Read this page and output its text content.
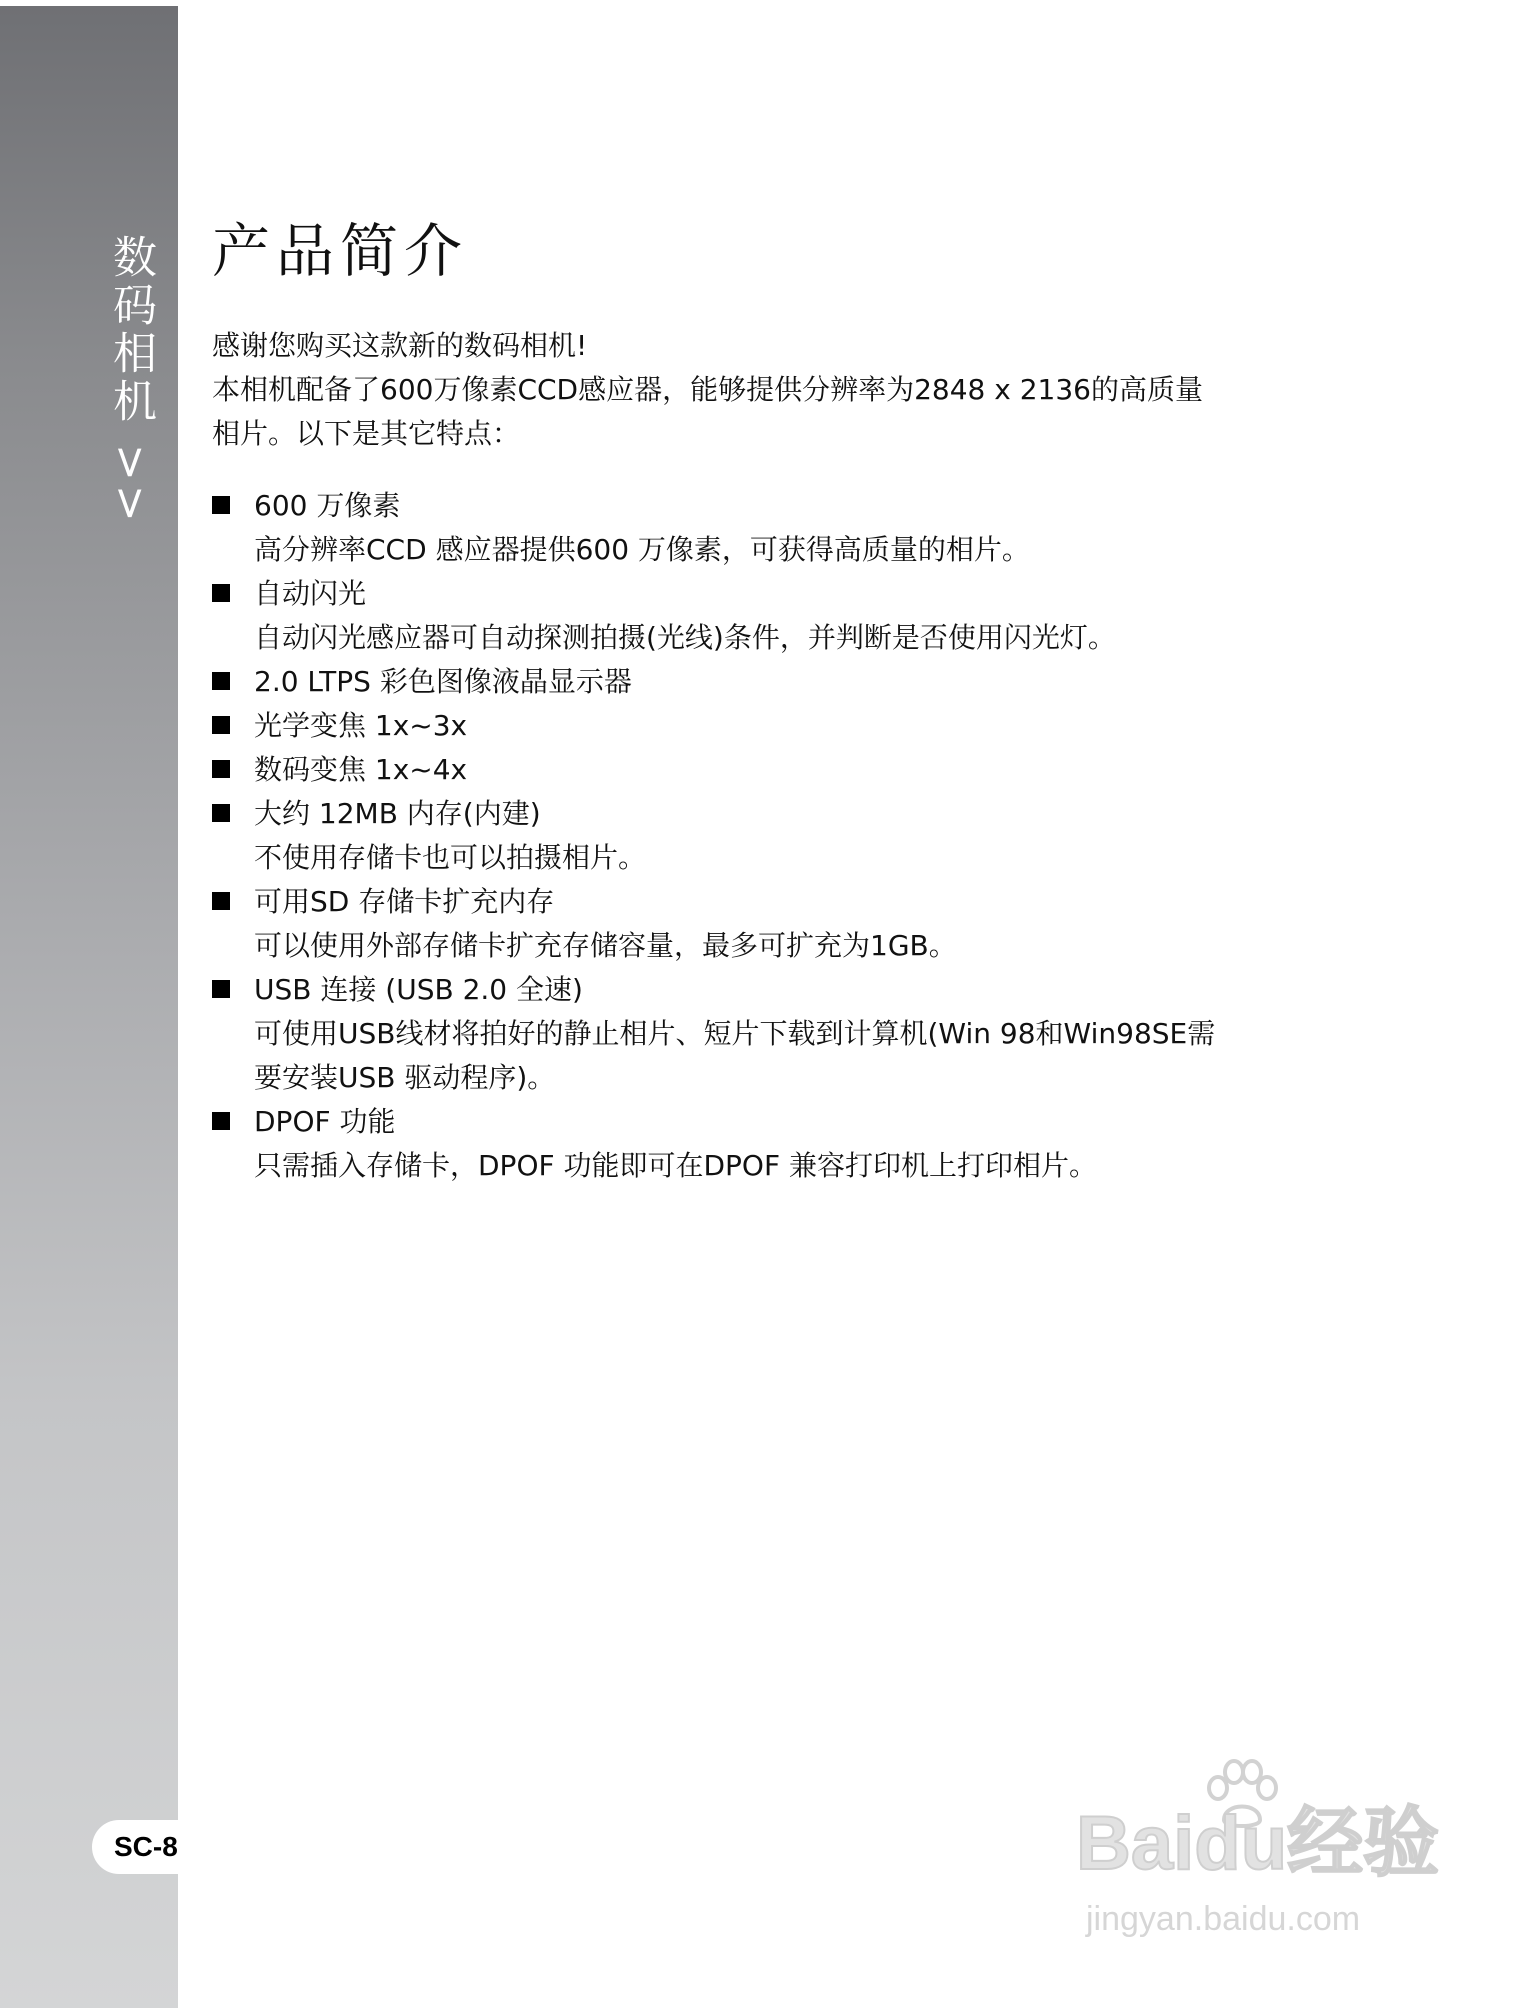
数码相机 >>
SC-8
产品简介

感谢您购买这款新的数码相机!

本相机配备了600万像素CCD感应器，能够提供分辨率为2848 x 2136的高质量

相片。以下是其它特点：

600 万像素
高分辨率CCD 感应器提供600 万像素，可获得高质量的相片。
自动闪光
自动闪光感应器可自动探测拍摄(光线)条件，并判断是否使用闪光灯。
2.0 LTPS 彩色图像液晶显示器
光学变焦 1x~3x
数码变焦 1x~4x
大约 12MB 内存(内建)
不使用存储卡也可以拍摄相片。
可用SD 存储卡扩充内存
可以使用外部存储卡扩充存储容量，最多可扩充为1GB。
USB 连接 (USB 2.0 全速)
可使用USB线材将拍好的静止相片、短片下载到计算机(Win 98和Win98SE需
要安装USB 驱动程序)。
DPOF 功能
只需插入存储卡，DPOF 功能即可在DPOF 兼容打印机上打印相片。
Baidu经验
jingyan.baidu.com
